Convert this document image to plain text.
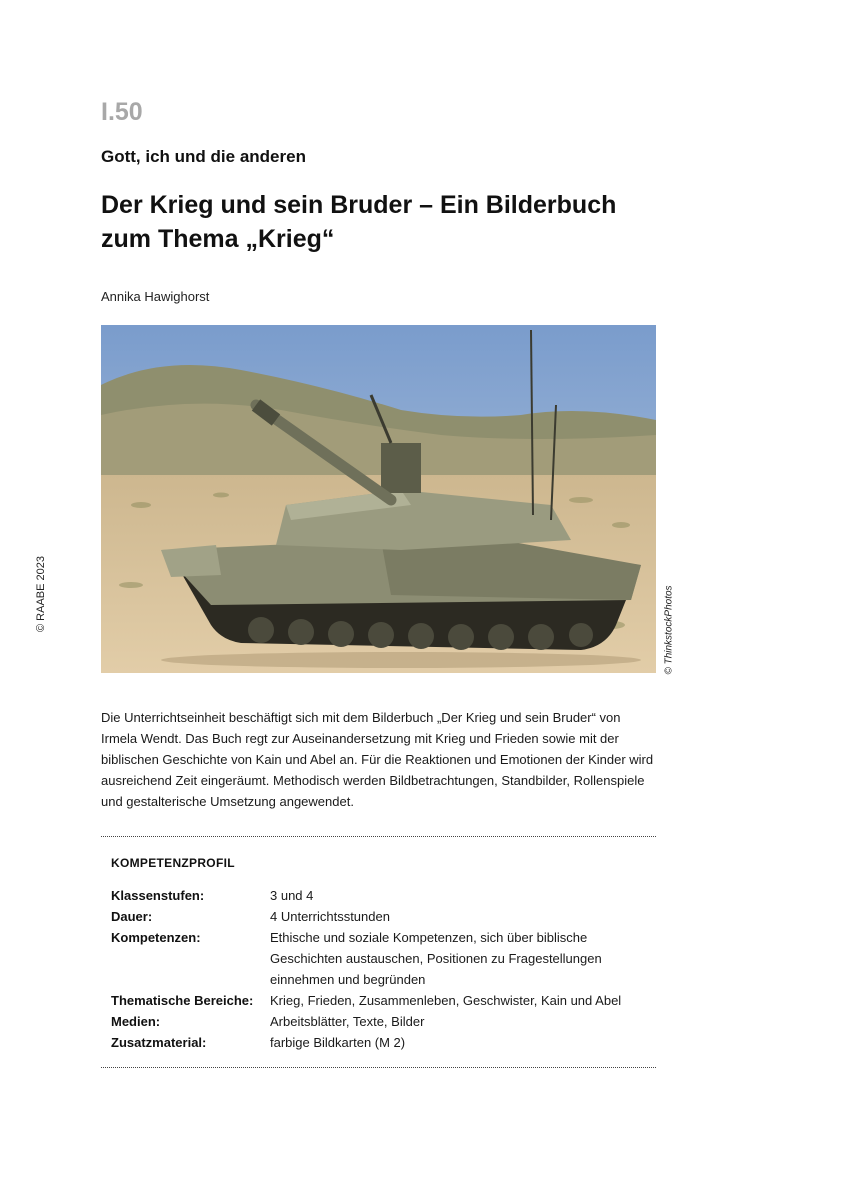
© RAABE 2023
I.50
Gott, ich und die anderen
Der Krieg und sein Bruder – Ein Bilderbuch zum Thema „Krieg“
Annika Hawighorst
© ThinkstockPhotos

Die Unterrichtseinheit beschäftigt sich mit dem Bilderbuch „Der Krieg und sein Bruder“ von Irmela Wendt. Das Buch regt zur Auseinandersetzung mit Krieg und Frieden sowie mit der biblischen Geschichte von Kain und Abel an. Für die Reaktionen und Emotionen der Kinder wird ausreichend Zeit eingeräumt. Methodisch werden Bildbetrachtungen, Standbilder, Rollenspiele und gestalterische Umsetzung angewendet.

KOMPETENZPROFIL
Klassenstufen:	3 und 4
Dauer:	4 Unterrichtsstunden
Kompetenzen:	Ethische und soziale Kompetenzen, sich über biblische Geschichten austauschen, Positionen zu Fragestellungen einnehmen und begründen
Thematische Bereiche:	Krieg, Frieden, Zusammenleben, Geschwister, Kain und Abel
Medien:	Arbeitsblätter, Texte, Bilder
Zusatzmaterial:	farbige Bildkarten (M 2)
